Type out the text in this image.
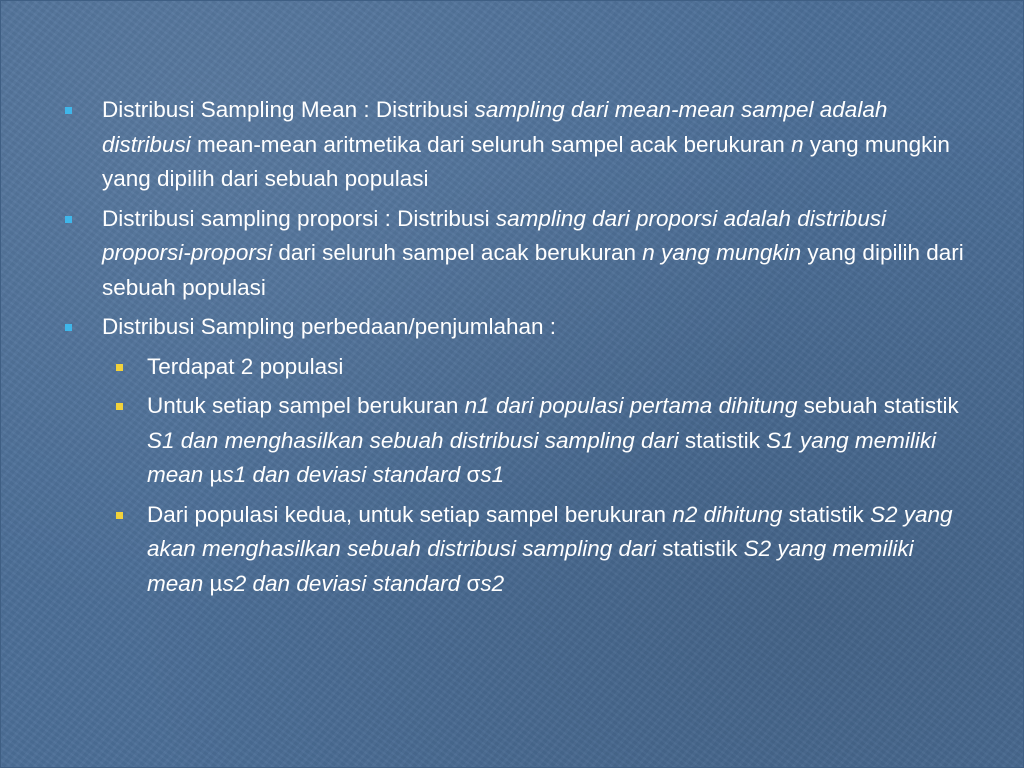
Distribusi Sampling Mean : Distribusi sampling dari mean-mean sampel adalah distribusi mean-mean aritmetika dari seluruh sampel acak berukuran n yang mungkin yang dipilih dari sebuah populasi
Distribusi sampling proporsi : Distribusi sampling dari proporsi adalah distribusi proporsi-proporsi dari seluruh sampel acak berukuran n yang mungkin yang dipilih dari sebuah populasi
Distribusi Sampling perbedaan/penjumlahan :
Terdapat 2 populasi
Untuk setiap sampel berukuran n1 dari populasi pertama dihitung sebuah statistik S1 dan menghasilkan sebuah distribusi sampling dari statistik S1 yang memiliki mean µs1 dan deviasi standard σs1
Dari populasi kedua, untuk setiap sampel berukuran n2 dihitung statistik S2 yang akan menghasilkan sebuah distribusi sampling dari statistik S2 yang memiliki mean µs2 dan deviasi standard σs2
